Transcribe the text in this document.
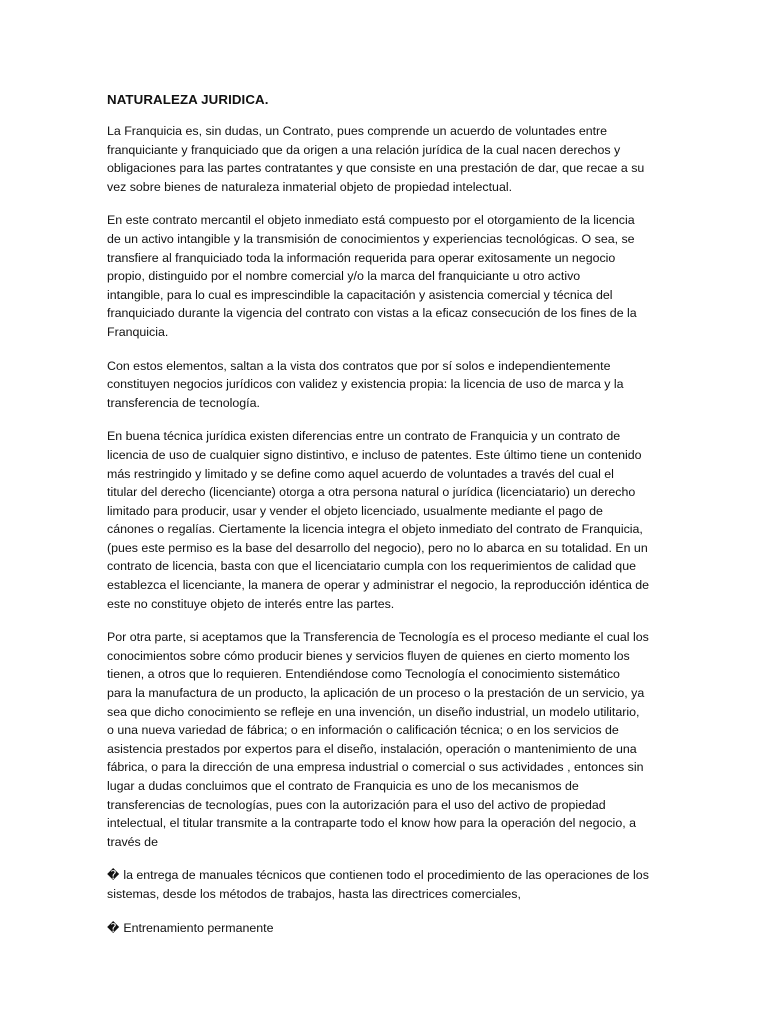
NATURALEZA JURIDICA.
La Franquicia es, sin dudas, un Contrato, pues comprende un acuerdo de voluntades entre
franquiciante y franquiciado que da origen a una relación jurídica de la cual nacen derechos y
obligaciones para las partes contratantes y que consiste en una prestación de dar, que recae a su
vez sobre bienes de naturaleza inmaterial objeto de propiedad intelectual.
En este contrato mercantil el objeto inmediato está compuesto por el otorgamiento de la licencia
de un activo intangible y la transmisión de conocimientos y experiencias tecnológicas. O sea, se
transfiere al franquiciado toda la información requerida para operar exitosamente un negocio
propio, distinguido por el nombre comercial y/o la marca del franquiciante u otro activo
intangible, para lo cual es imprescindible la capacitación y asistencia comercial y técnica del
franquiciado durante la vigencia del contrato con vistas a la eficaz consecución de los fines de la
Franquicia.
Con estos elementos, saltan a la vista dos contratos que por sí solos e independientemente
constituyen negocios jurídicos con validez y existencia propia: la licencia de uso de marca y la
transferencia de tecnología.
En buena técnica jurídica existen diferencias entre un contrato de Franquicia y un contrato de
licencia de uso de cualquier signo distintivo, e incluso de patentes. Este último tiene un contenido
más restringido y limitado y se define como aquel acuerdo de voluntades a través del cual el
titular del derecho (licenciante) otorga a otra persona natural o jurídica (licenciatario) un derecho
limitado para producir, usar y vender el objeto licenciado, usualmente mediante el pago de
cánones o regalías. Ciertamente la licencia integra el objeto inmediato del contrato de Franquicia,
(pues este permiso es la base del desarrollo del negocio), pero no lo abarca en su totalidad. En un
contrato de licencia, basta con que el licenciatario cumpla con los requerimientos de calidad que
establezca el licenciante, la manera de operar y administrar el negocio, la reproducción idéntica de
este no constituye objeto de interés entre las partes.
Por otra parte, si aceptamos que la Transferencia de Tecnología es el proceso mediante el cual los
conocimientos sobre cómo producir bienes y servicios fluyen de quienes en cierto momento los
tienen, a otros que lo requieren. Entendiéndose como Tecnología el conocimiento sistemático
para la manufactura de un producto, la aplicación de un proceso o la prestación de un servicio, ya
sea que dicho conocimiento se refleje en una invención, un diseño industrial, un modelo utilitario,
o una nueva variedad de fábrica; o en información o calificación técnica; o en los servicios de
asistencia prestados por expertos para el diseño, instalación, operación o mantenimiento de una
fábrica, o para la dirección de una empresa industrial o comercial o sus actividades , entonces sin
lugar a dudas concluimos que el contrato de Franquicia es uno de los mecanismos de
transferencias de tecnologías, pues con la autorización para el uso del activo de propiedad
intelectual, el titular transmite a la contraparte todo el know how para la operación del negocio, a
través de
� la entrega de manuales técnicos que contienen todo el procedimiento de las operaciones de los
sistemas, desde los métodos de trabajos, hasta las directrices comerciales,
� Entrenamiento permanente
